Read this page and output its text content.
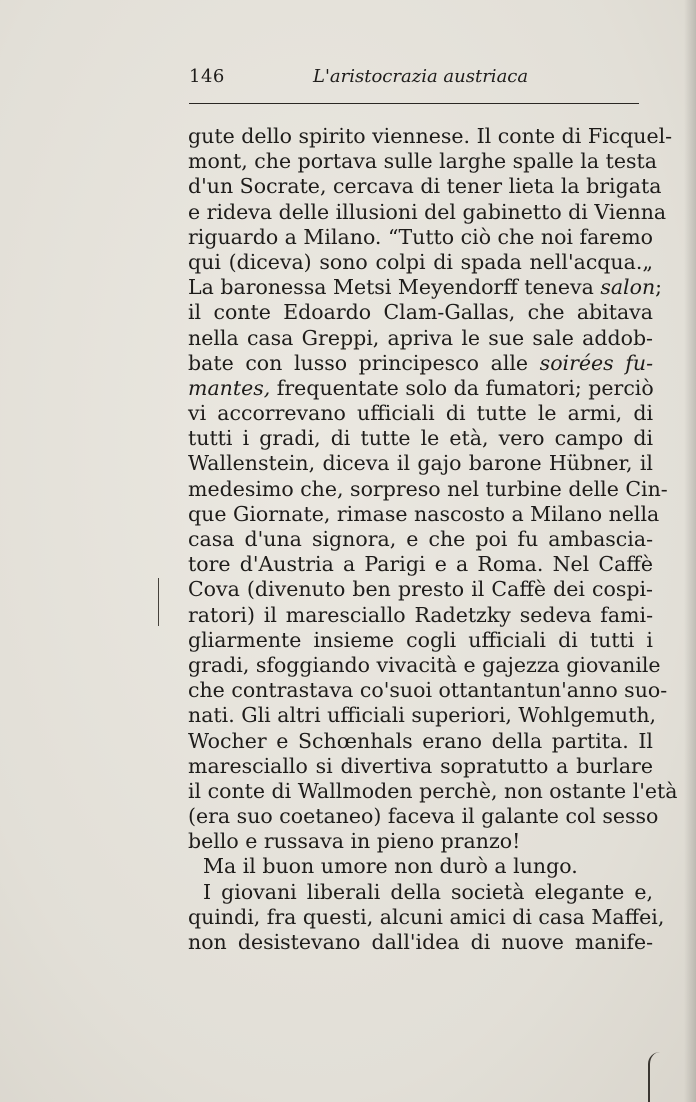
146	L'aristocrazia austriaca
gute dello spirito viennese. Il conte di Ficquel-
mont, che portava sulle larghe spalle la testa
d'un Socrate, cercava di tener lieta la brigata
e rideva delle illusioni del gabinetto di Vienna
riguardo a Milano. “Tutto ciò che noi faremo
qui (diceva) sono colpi di spada nell'acqua.„
La baronessa Metsi Meyendorff teneva salon;
il conte Edoardo Clam-Gallas, che abitava
nella casa Greppi, apriva le sue sale addob-
bate con lusso principesco alle soirées fu-
mantes, frequentate solo da fumatori; perciò
vi accorrevano ufficiali di tutte le armi, di
tutti i gradi, di tutte le età, vero campo di
Wallenstein, diceva il gajo barone Hübner, il
medesimo che, sorpreso nel turbine delle Cin-
que Giornate, rimase nascosto a Milano nella
casa d'una signora, e che poi fu ambascia-
tore d'Austria a Parigi e a Roma. Nel Caffè
Cova (divenuto ben presto il Caffè dei cospi-
ratori) il maresciallo Radetzky sedeva fami-
gliarmente insieme cogli ufficiali di tutti i
gradi, sfoggiando vivacità e gajezza giovanile
che contrastava co'suoi ottantantun'anno suo-
nati. Gli altri ufficiali superiori, Wohlgemuth,
Wocher e Schœnhals erano della partita. Il
maresciallo si divertiva sopratutto a burlare
il conte di Wallmoden perchè, non ostante l'età
(era suo coetaneo) faceva il galante col sesso
bello e russava in pieno pranzo!
Ma il buon umore non durò a lungo.
I giovani liberali della società elegante e,
quindi, fra questi, alcuni amici di casa Maffei,
non desistevano dall'idea di nuove manife-
